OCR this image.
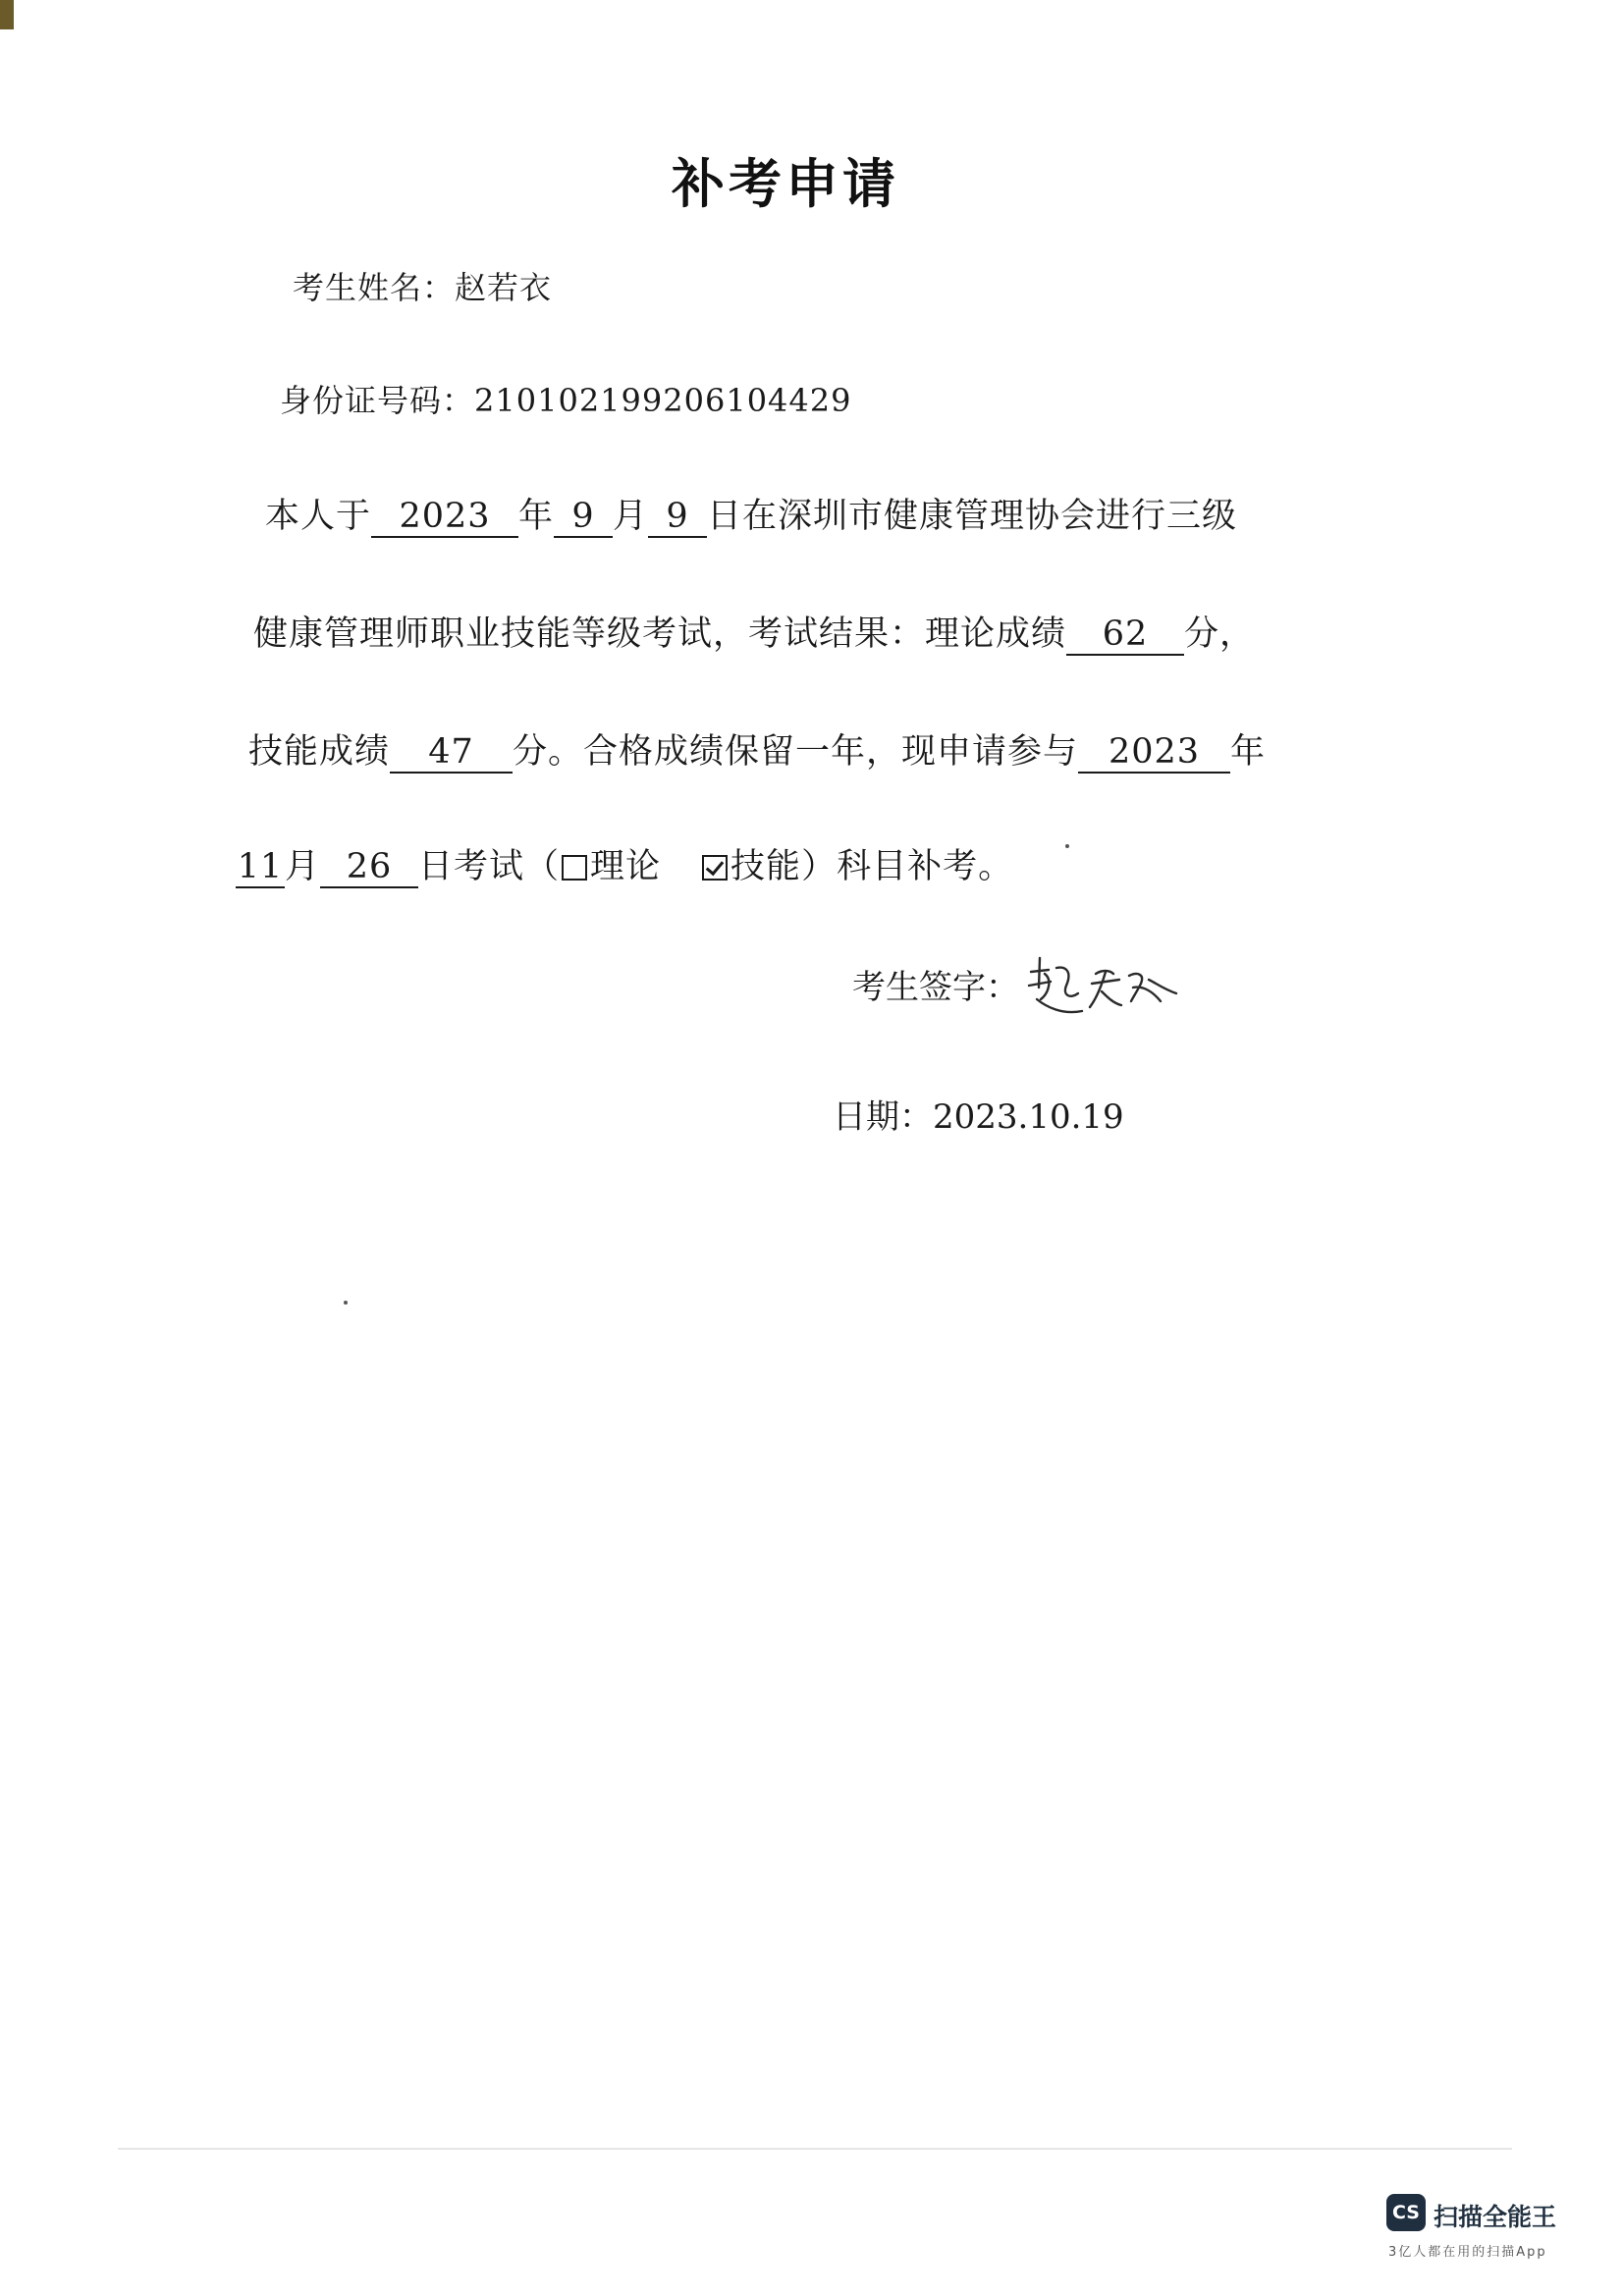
补考申请
考生姓名：赵若衣
身份证号码：210102199206104429
本人于 2023 年 9 月 9 日在深圳市健康管理协会进行三级
健康管理师职业技能等级考试，考试结果：理论成绩 62 分，
技能成绩 47 分。合格成绩保留一年，现申请参与 2023 年
11月 26 日考试（ 理论 技能）科目补考。
考生签字：
日期：2023.10.19
CS 扫描全能王
3亿人都在用的扫描App
